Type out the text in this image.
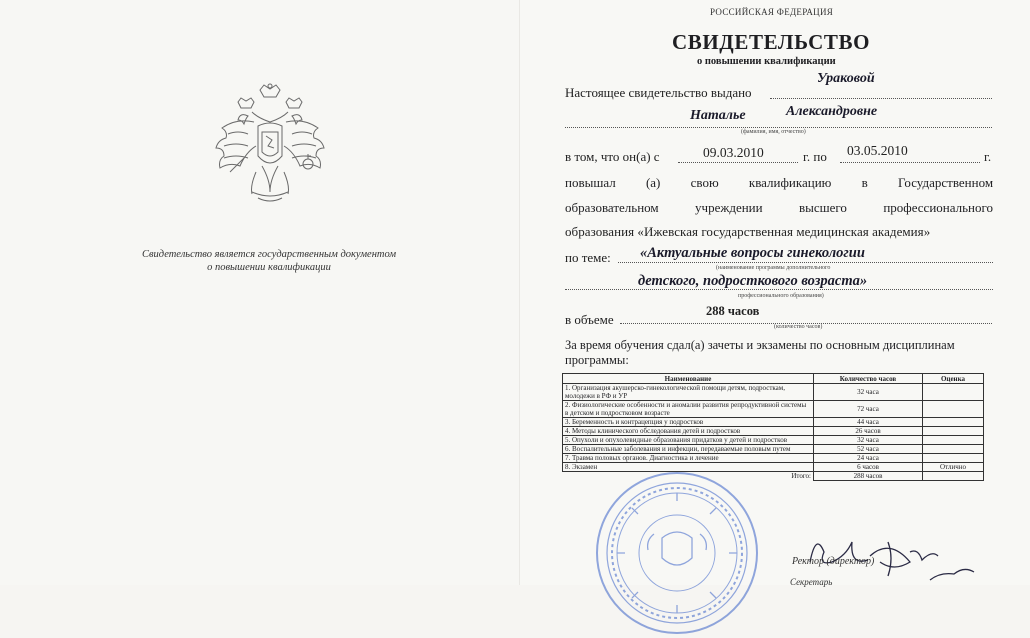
Свидетельство является государственным документом
о повышении квалификации
РОССИЙСКАЯ ФЕДЕРАЦИЯ
СВИДЕТЕЛЬСТВО
о повышении квалификации
Настоящее свидетельство выдано
Ураковой
Наталье	Александровне
(фамилия, имя, отчество)
в том, что он(а) с	09.03.2010	г. по 03.05.2010	г.
повышал (а) свою квалификацию в Государственном
образовательном	учреждении	высшего	профессионального
образования «Ижевская государственная медицинская академия»
по теме: «Актуальные вопросы гинекологии
(наименование программы дополнительного
детского, подросткового возраста»
профессионального образования)
в объеме
288 часов
(количество часов)
За время обучения сдал(а) зачеты и экзамены по основным дисциплинам программы:
Наименование	Количество часов	Оценка
1. Организация акушерско-гинекологической помощи детям, подросткам, молодежи в РФ и УР	32 часа	
2. Физиологические особенности и аномалии развития репродуктивной системы в детском и подростковом возрасте	72 часа	
3. Беременность и контрацепция у подростков	44 часа	
4. Методы клинического обследования детей и подростков	26 часов	
5. Опухоли и опухолевидные образования придатков у детей и подростков	32 часа	
6. Воспалительные заболевания и инфекции, передаваемые половым путем	52 часа	
7. Травма половых органов. Диагностика и лечение	24 часа	
8. Экзамен	6 часов	Отлично
Итого:	288 часов	
Ректор (директор)
Секретарь
